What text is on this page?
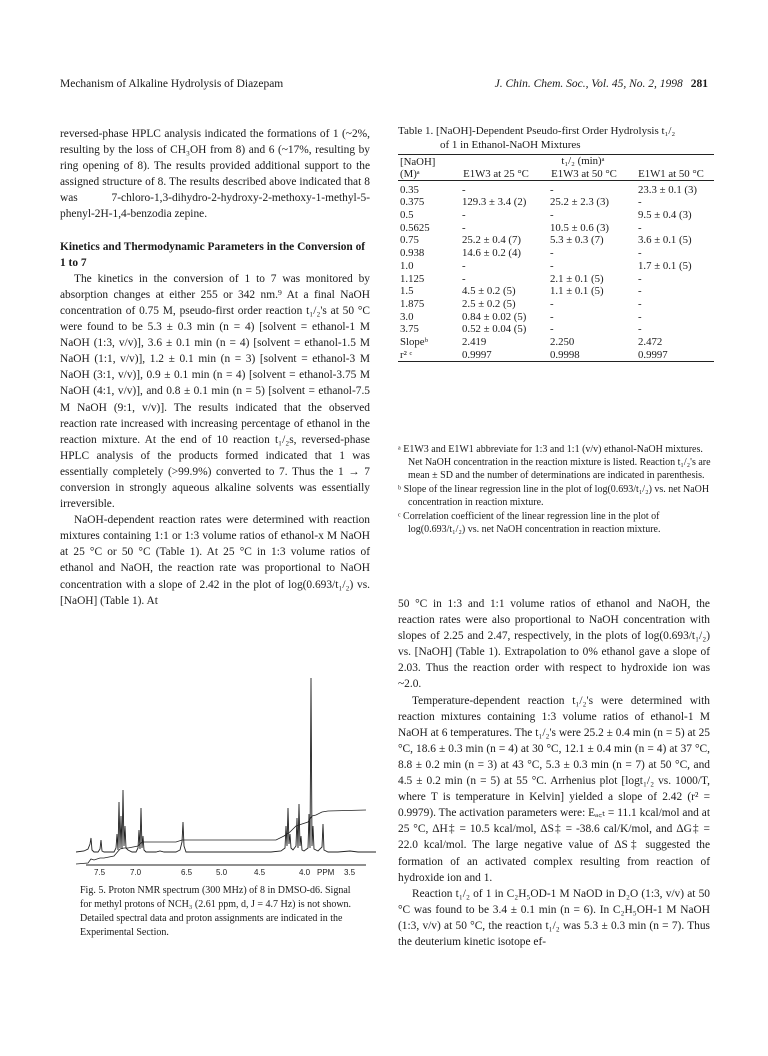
Mechanism of Alkaline Hydrolysis of Diazepam	J. Chin. Chem. Soc., Vol. 45, No. 2, 1998 281

reversed-phase HPLC analysis indicated the formations of 1 (~2%, resulting by the loss of CH₃OH from 8) and 6 (~17%, resulting by ring opening of 8). The results provided additional support to the assigned structure of 8. The results described above indicated that 8 was 7-chloro-1,3-dihydro-2-hydroxy-2-methoxy-1-methyl-5-phenyl-2H-1,4-benzodia zepine.

Kinetics and Thermodynamic Parameters in the Conversion of 1 to 7

The kinetics in the conversion of 1 to 7 was monitored by absorption changes at either 255 or 342 nm.⁹ At a final NaOH concentration of 0.75 M, pseudo-first order reaction t₁/₂'s at 50 °C were found to be 5.3 ± 0.3 min (n = 4) [solvent = ethanol-1 M NaOH (1:3, v/v)], 3.6 ± 0.1 min (n = 4) [solvent = ethanol-1.5 M NaOH (1:1, v/v)], 1.2 ± 0.1 min (n = 3) [solvent = ethanol-3 M NaOH (3:1, v/v)], 0.9 ± 0.1 min (n = 4) [solvent = ethanol-3.75 M NaOH (4:1, v/v)], and 0.8 ± 0.1 min (n = 5) [solvent = ethanol-7.5 M NaOH (9:1, v/v)]. The results indicated that the observed reaction rate increased with increasing percentage of ethanol in the reaction mixture. At the end of 10 reaction t₁/₂s, reversed-phase HPLC analysis of the products formed indicated that 1 was essentially completely (>99.9%) converted to 7. Thus the 1 → 7 conversion in strongly aqueous alkaline solvents was essentially irreversible.

NaOH-dependent reaction rates were determined with reaction mixtures containing 1:1 or 1:3 volume ratios of ethanol-x M NaOH at 25 °C or 50 °C (Table 1). At 25 °C in 1:3 volume ratios of ethanol and NaOH, the reaction rate was proportional to NaOH concentration with a slope of 2.42 in the plot of log(0.693/t₁/₂) vs. [NaOH] (Table 1). At

Table 1. [NaOH]-Dependent Pseudo-first Order Hydrolysis t₁/₂
of 1 in Ethanol-NaOH Mixtures
[NaOH]	t₁/₂ (min)ᵃ		
(M)ᵃ	E1W3 at 25 °C	E1W3 at 50 °C	E1W1 at 50 °C
0.35	-	-	23.3 ± 0.1 (3)
0.375	129.3 ± 3.4 (2)	25.2 ± 2.3 (3)	-
0.5	-	-	9.5 ± 0.4 (3)
0.5625	-	10.5 ± 0.6 (3)	-
0.75	25.2 ± 0.4 (7)	5.3 ± 0.3 (7)	3.6 ± 0.1 (5)
0.938	14.6 ± 0.2 (4)	-	-
1.0	-	-	1.7 ± 0.1 (5)
1.125	-	2.1 ± 0.1 (5)	-
1.5	4.5 ± 0.2 (5)	1.1 ± 0.1 (5)	-
1.875	2.5 ± 0.2 (5)	-	-
3.0	0.84 ± 0.02 (5)	-	-
3.75	0.52 ± 0.04 (5)	-	-
Slopeᵇ	2.419	2.250	2.472
r² ᶜ	0.9997	0.9998	0.9997

ᵃ E1W3 and E1W1 abbreviate for 1:3 and 1:1 (v/v) ethanol-NaOH mixtures. Net NaOH concentration in the reaction mixture is listed. Reaction t₁/₂'s are mean ± SD and the number of determinations are indicated in parenthesis.

ᵇ Slope of the linear regression line in the plot of log(0.693/t₁/₂) vs. net NaOH concentration in reaction mixture.

ᶜ Correlation coefficient of the linear regression line in the plot of log(0.693/t₁/₂) vs. net NaOH concentration in reaction mixture.

7.5	7.0	6.5	5.0	4.5	4.0 PPM 3.5
Fig. 5. Proton NMR spectrum (300 MHz) of 8 in DMSO-d6. Signal for methyl protons of NCH₃ (2.61 ppm, d, J = 4.7 Hz) is not shown. Detailed spectral data and proton assignments are indicated in the Experimental Section.

50 °C in 1:3 and 1:1 volume ratios of ethanol and NaOH, the reaction rates were also proportional to NaOH concentration with slopes of 2.25 and 2.47, respectively, in the plots of log(0.693/t₁/₂) vs. [NaOH] (Table 1). Extrapolation to 0% ethanol gave a slope of 2.03. Thus the reaction order with respect to hydroxide ion was ~2.0.

Temperature-dependent reaction t₁/₂'s were determined with reaction mixtures containing 1:3 volume ratios of ethanol-1 M NaOH at 6 temperatures. The t₁/₂'s were 25.2 ± 0.4 min (n = 5) at 25 °C, 18.6 ± 0.3 min (n = 4) at 30 °C, 12.1 ± 0.4 min (n = 4) at 37 °C, 8.8 ± 0.2 min (n = 3) at 43 °C, 5.3 ± 0.3 min (n = 7) at 50 °C, and 4.5 ± 0.2 min (n = 5) at 55 °C. Arrhenius plot [logt₁/₂ vs. 1000/T, where T is temperature in Kelvin] yielded a slope of 2.42 (r² = 0.9979). The activation parameters were: Eₐ꜀ₜ = 11.1 kcal/mol and at 25 °C, ΔH‡ = 10.5 kcal/mol, ΔS‡ = -38.6 cal/K/mol, and ΔG‡ = 22.0 kcal/mol. The large negative value of ΔS‡ suggested the formation of an activated complex resulting from reaction of hydroxide ion and 1.

Reaction t₁/₂ of 1 in C₂H₅OD-1 M NaOD in D₂O (1:3, v/v) at 50 °C was found to be 3.4 ± 0.1 min (n = 6). In C₂H₅OH-1 M NaOH (1:3, v/v) at 50 °C, the reaction t₁/₂ was 5.3 ± 0.3 min (n = 7). Thus the deuterium kinetic isotope ef-
